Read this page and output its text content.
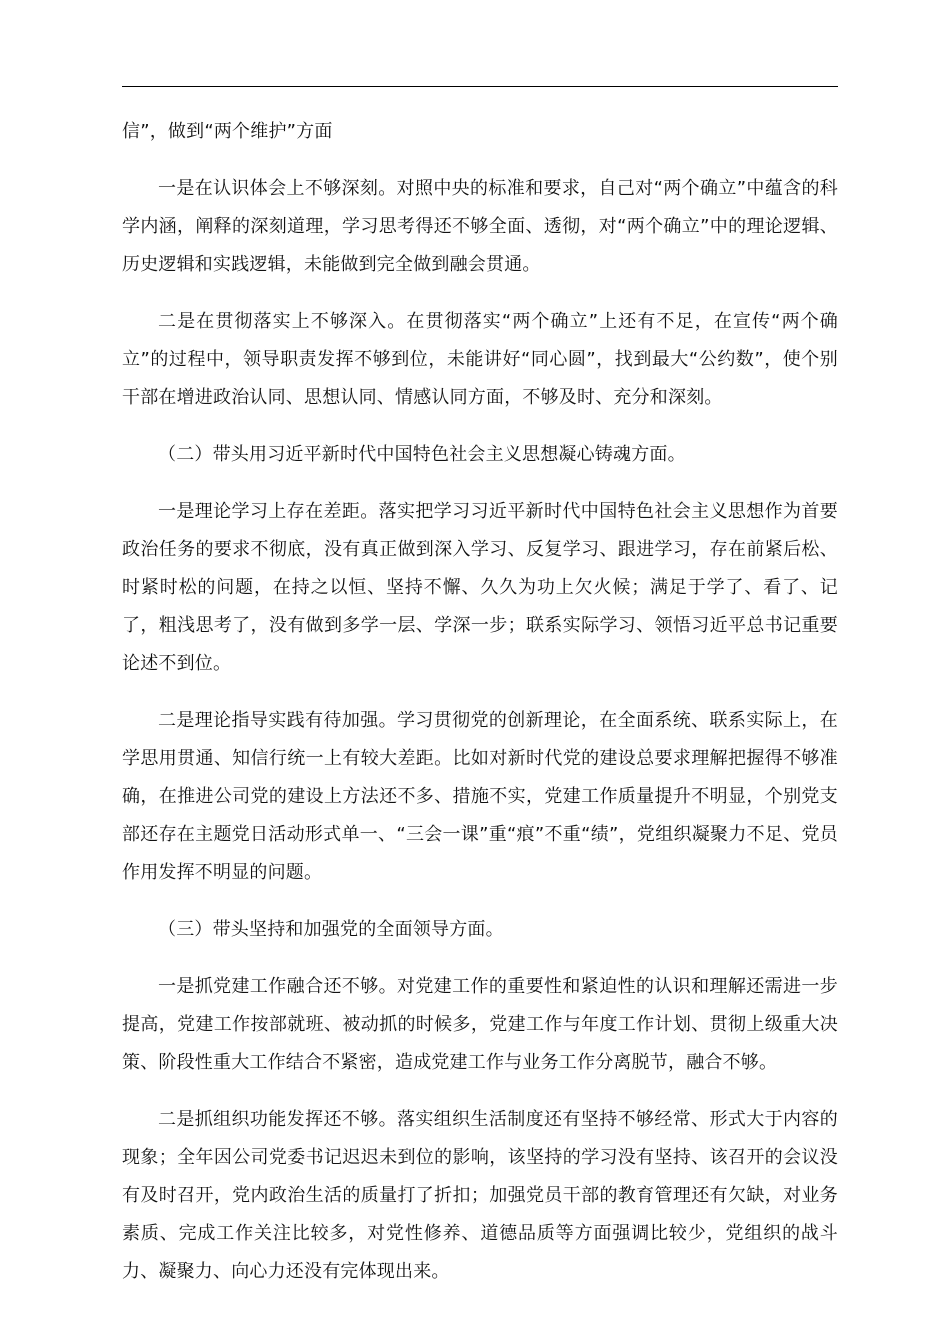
信”，做到“两个维护”方面

一是在认识体会上不够深刻。对照中央的标准和要求，自己对“两个确立”中蕴含的科学内涵，阐释的深刻道理，学习思考得还不够全面、透彻，对“两个确立”中的理论逻辑、历史逻辑和实践逻辑，未能做到完全做到融会贯通。

二是在贯彻落实上不够深入。在贯彻落实“两个确立”上还有不足，在宣传“两个确立”的过程中，领导职责发挥不够到位，未能讲好“同心圆”，找到最大“公约数”，使个别干部在增进政治认同、思想认同、情感认同方面，不够及时、充分和深刻。

（二）带头用习近平新时代中国特色社会主义思想凝心铸魂方面。

一是理论学习上存在差距。落实把学习习近平新时代中国特色社会主义思想作为首要政治任务的要求不彻底，没有真正做到深入学习、反复学习、跟进学习，存在前紧后松、时紧时松的问题，在持之以恒、坚持不懈、久久为功上欠火候；满足于学了、看了、记了，粗浅思考了，没有做到多学一层、学深一步；联系实际学习、领悟习近平总书记重要论述不到位。

二是理论指导实践有待加强。学习贯彻党的创新理论，在全面系统、联系实际上，在学思用贯通、知信行统一上有较大差距。比如对新时代党的建设总要求理解把握得不够准确，在推进公司党的建设上方法还不多、措施不实，党建工作质量提升不明显，个别党支部还存在主题党日活动形式单一、“三会一课”重“痕”不重“绩”，党组织凝聚力不足、党员作用发挥不明显的问题。

（三）带头坚持和加强党的全面领导方面。

一是抓党建工作融合还不够。对党建工作的重要性和紧迫性的认识和理解还需进一步提高，党建工作按部就班、被动抓的时候多，党建工作与年度工作计划、贯彻上级重大决策、阶段性重大工作结合不紧密，造成党建工作与业务工作分离脱节，融合不够。

二是抓组织功能发挥还不够。落实组织生活制度还有坚持不够经常、形式大于内容的现象；全年因公司党委书记迟迟未到位的影响，该坚持的学习没有坚持、该召开的会议没有及时召开，党内政治生活的质量打了折扣；加强党员干部的教育管理还有欠缺，对业务素质、完成工作关注比较多，对党性修养、道德品质等方面强调比较少，党组织的战斗力、凝聚力、向心力还没有完体现出来。
